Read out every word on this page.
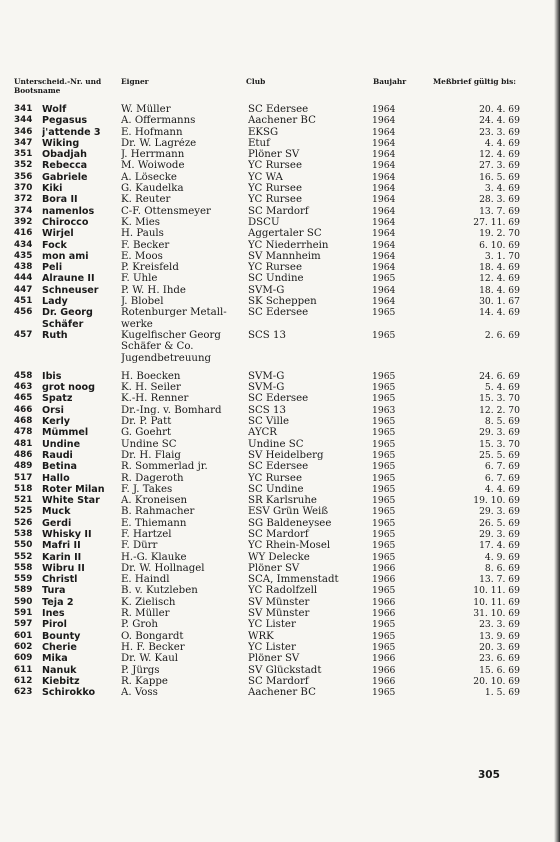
Unterscheid.-Nr. und Bootsname
Eigner	Club	Baujahr	Meßbrief gültig bis:
341	Wolf	W. Müller	SC Edersee	1964	20. 4. 69
344	Pegasus	A. Offermanns	Aachener BC	1964	24. 4. 69
346	j'attende 3	E. Hofmann	EKSG	1964	23. 3. 69
347	Wiking	Dr. W. Lagréze	Etuf	1964	4. 4. 69
351	Obadjah	J. Herrmann	Plöner SV	1964	12. 4. 69
352	Rebecca	M. Woiwode	YC Rursee	1964	27. 3. 69
356	Gabriele	A. Lösecke	YC WA	1964	16. 5. 69
370	Kiki	G. Kaudelka	YC Rursee	1964	3. 4. 69
372	Bora II	K. Reuter	YC Rursee	1964	28. 3. 69
374	namenlos	C-F. Ottensmeyer	SC Mardorf	1964	13. 7. 69
392	Chirocco	K. Mies	DSCU	1964	27. 11. 69
416	Wirjel	H. Pauls	Aggertaler SC	1964	19. 2. 70
434	Fock	F. Becker	YC Niederrhein	1964	6. 10. 69
435	mon ami	E. Moos	SV Mannheim	1964	3. 1. 70
438	Peli	P. Kreisfeld	YC Rursee	1964	18. 4. 69
444	Alraune II	F. Uhle	SC Undine	1965	12. 4. 69
447	Schneuser	P. W. H. Ihde	SVM-G	1964	18. 4. 69
451	Lady	J. Blobel	SK Scheppen	1964	30. 1. 67
456	Dr. Georg	Rotenburger Metall-	SC Edersee	1965	14. 4. 69
	Schäfer	werke			
457	Ruth	Kugelfischer Georg	SCS 13	1965	2. 6. 69
		Schäfer & Co.			
		Jugendbetreuung			
458	Ibis	H. Boecken	SVM-G	1965	24. 6. 69
463	grot noog	K. H. Seiler	SVM-G	1965	5. 4. 69
465	Spatz	K.-H. Renner	SC Edersee	1965	15. 3. 70
466	Orsi	Dr.-Ing. v. Bomhard	SCS 13	1963	12. 2. 70
468	Kerly	Dr. P. Patt	SC Ville	1965	8. 5. 69
478	Mümmel	G. Goehrt	AYCR	1965	29. 3. 69
481	Undine	Undine SC	Undine SC	1965	15. 3. 70
486	Raudi	Dr. H. Flaig	SV Heidelberg	1965	25. 5. 69
489	Betina	R. Sommerlad jr.	SC Edersee	1965	6. 7. 69
517	Hallo	R. Dageroth	YC Rursee	1965	6. 7. 69
518	Roter Milan	F. J. Takes	SC Undine	1965	4. 4. 69
521	White Star	A. Kroneisen	SR Karlsruhe	1965	19. 10. 69
525	Muck	B. Rahmacher	ESV Grün Weiß	1965	29. 3. 69
526	Gerdi	E. Thiemann	SG Baldeneysee	1965	26. 5. 69
538	Whisky II	F. Hartzel	SC Mardorf	1965	29. 3. 69
550	Mafri II	F. Dürr	YC Rhein-Mosel	1965	17. 4. 69
552	Karin II	H.-G. Klauke	WY Delecke	1965	4. 9. 69
558	Wibru II	Dr. W. Hollnagel	Plöner SV	1966	8. 6. 69
559	Christl	E. Haindl	SCA, Immenstadt	1966	13. 7. 69
589	Tura	B. v. Kutzleben	YC Radolfzell	1965	10. 11. 69
590	Teja 2	K. Zielisch	SV Münster	1966	10. 11. 69
591	Ines	R. Müller	SV Münster	1966	31. 10. 69
597	Pirol	P. Groh	YC Lister	1965	23. 3. 69
601	Bounty	O. Bongardt	WRK	1965	13. 9. 69
602	Cherie	H. F. Becker	YC Lister	1965	20. 3. 69
609	Mika	Dr. W. Kaul	Plöner SV	1966	23. 6. 69
611	Nanuk	P. Jürgs	SV Glückstadt	1966	15. 6. 69
612	Kiebitz	R. Kappe	SC Mardorf	1966	20. 10. 69
623	Schirokko	A. Voss	Aachener BC	1965	1. 5. 69
305
